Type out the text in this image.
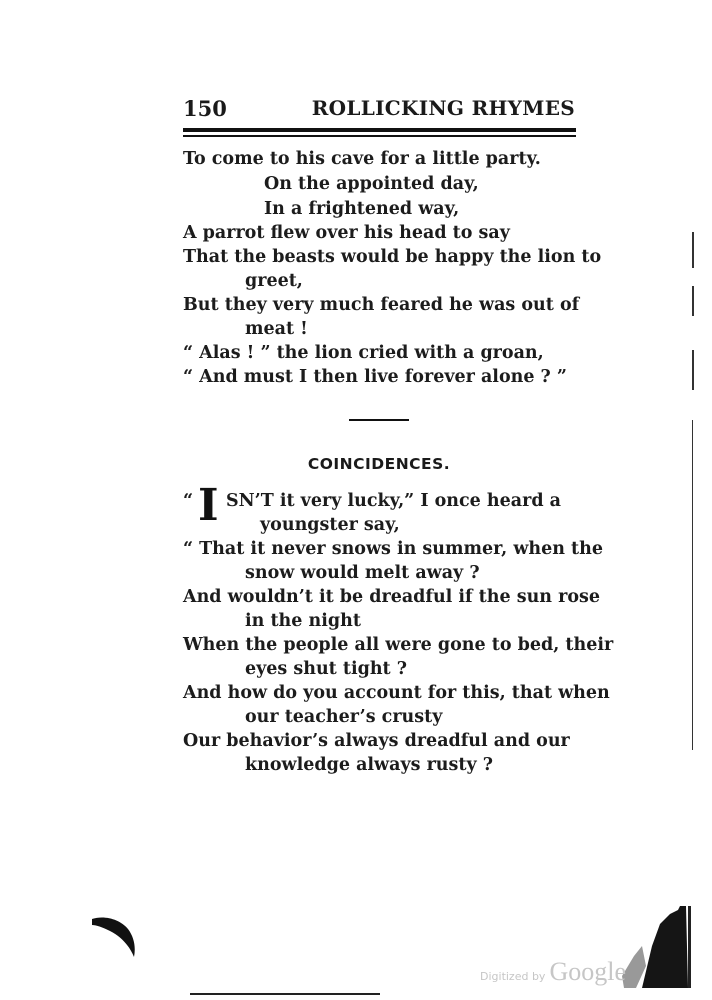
150	ROLLICKING RHYMES
To come to his cave for a little party.
On the appointed day,
In a frightened way,
A parrot flew over his head to say
That the beasts would be happy the lion to
greet,
But they very much feared he was out of
meat !
“ Alas ! ” the lion cried with a groan,
“ And must I then live forever alone ? ”
COINCIDENCES.
“ I SN’T it very lucky,” I once heard a
youngster say,
“ That it never snows in summer, when the
snow would melt away ?
And wouldn’t it be dreadful if the sun rose
in the night
When the people all were gone to bed, their
eyes shut tight ?
And how do you account for this, that when
our teacher’s crusty
Our behavior’s always dreadful and our
knowledge always rusty ?
Digitized by Google
